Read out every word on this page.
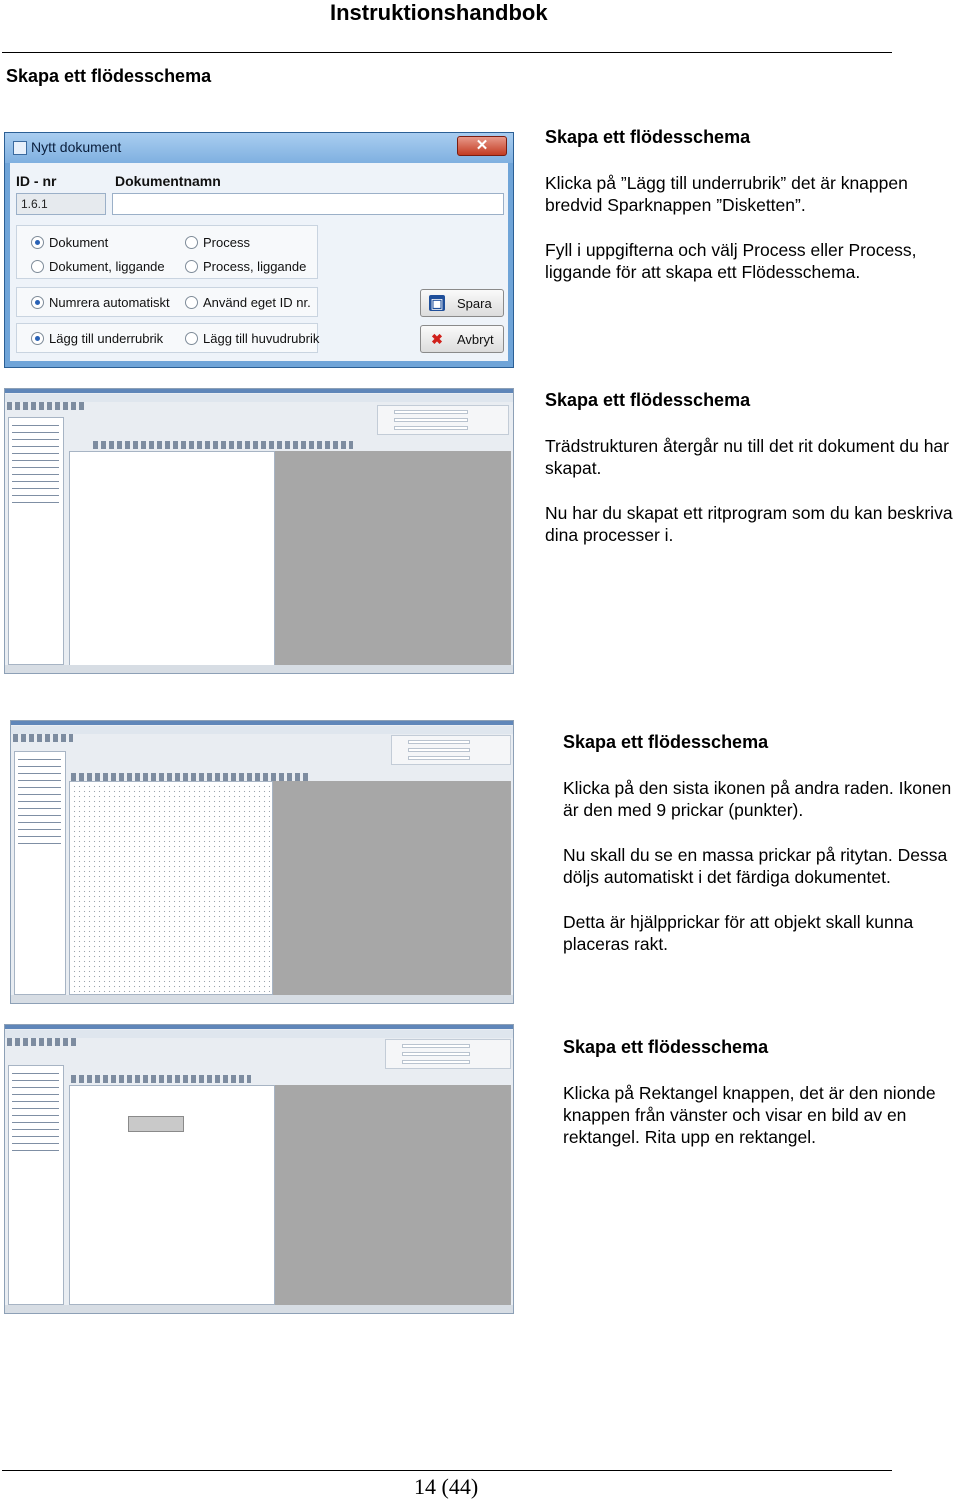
Instruktionshandbok
Skapa ett flödesschema
Nytt dokument	✕
ID - nr	Dokumentnamn
1.6.1
Dokument	Process
Dokument, liggande	Process, liggande
Numrera automatiskt	Använd eget ID nr.
Lägg till underrubrik	Lägg till huvudrubrik
▣ Spara
✖ Avbryt
Skapa ett flödesschema

Klicka på ”Lägg till underrubrik” det är knappen bredvid Sparknappen ”Disketten”.

Fyll i uppgifterna och välj Process eller Process, liggande för att skapa ett Flödesschema.

Skapa ett flödesschema

Trädstrukturen återgår nu till det rit dokument du har skapat.

Nu har du skapat ett ritprogram som du kan beskriva dina processer i.

Skapa ett flödesschema

Klicka på den sista ikonen på andra raden. Ikonen är den med 9 prickar (punkter).

Nu skall du se en massa prickar på ritytan. Dessa döljs automatiskt i det färdiga dokumentet.

Detta är hjälpprickar för att objekt skall kunna placeras rakt.

Skapa ett flödesschema

Klicka på Rektangel knappen, det är den nionde knappen från vänster och visar en bild av en rektangel. Rita upp en rektangel.

14 (44)
